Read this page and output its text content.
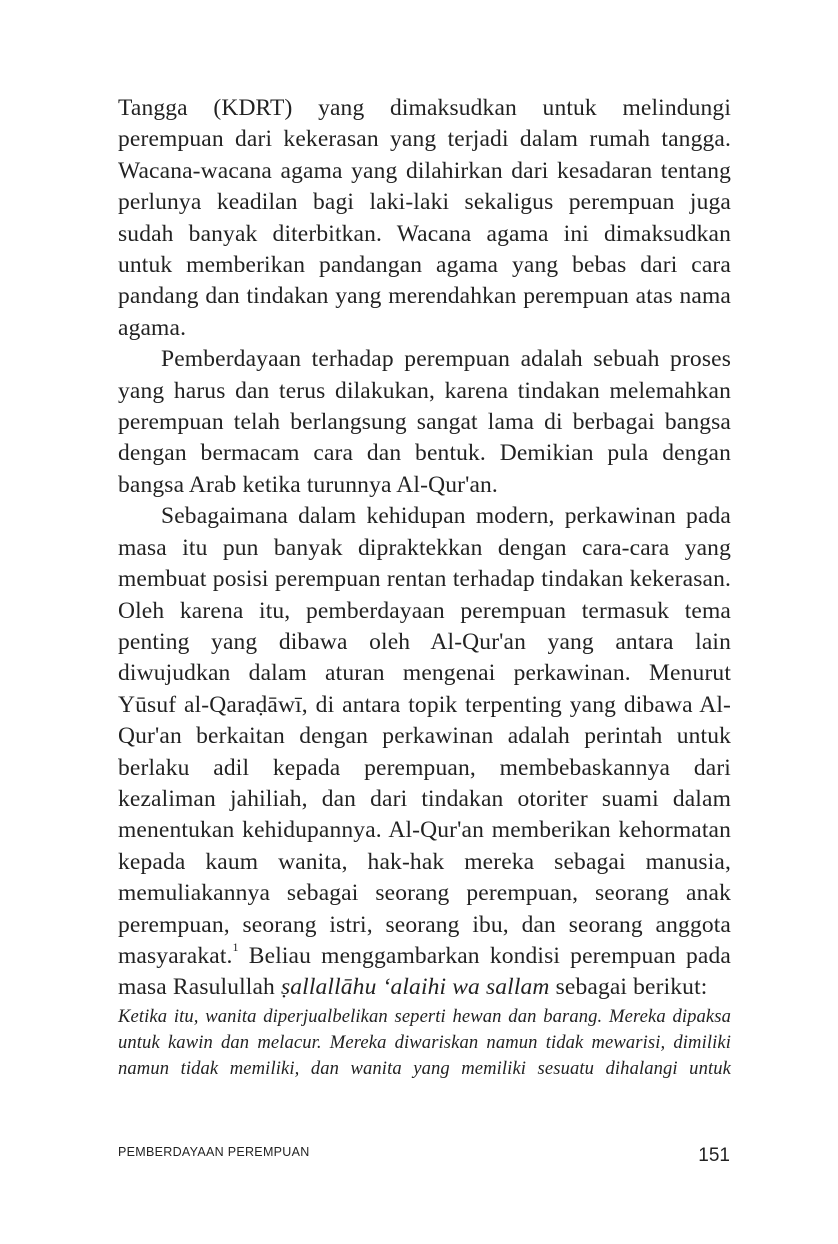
Tangga (KDRT) yang dimaksudkan untuk melindungi perempuan dari kekerasan yang terjadi dalam rumah tangga. Wacana-wacana agama yang dilahirkan dari kesadaran tentang perlunya keadilan bagi laki-laki sekaligus perempuan juga sudah banyak diterbitkan. Wacana agama ini dimaksudkan untuk memberikan pandangan agama yang bebas dari cara pandang dan tindakan yang merendahkan perempuan atas nama agama.

Pemberdayaan terhadap perempuan adalah sebuah proses yang harus dan terus dilakukan, karena tindakan melemahkan perempuan telah berlangsung sangat lama di berbagai bangsa dengan bermacam cara dan bentuk. Demikian pula dengan bangsa Arab ketika turunnya Al-Qur'an.

Sebagaimana dalam kehidupan modern, perkawinan pada masa itu pun banyak dipraktekkan dengan cara-cara yang membuat posisi perempuan rentan terhadap tindakan kekerasan. Oleh karena itu, pemberdayaan perempuan termasuk tema penting yang dibawa oleh Al-Qur'an yang antara lain diwujudkan dalam aturan mengenai perkawinan. Menurut Yūsuf al-Qaraḍāwī, di antara topik terpenting yang dibawa Al-Qur'an berkaitan dengan perkawinan adalah perintah untuk berlaku adil kepada perempuan, membebaskannya dari kezaliman jahiliah, dan dari tindakan otoriter suami dalam menentukan kehidupannya. Al-Qur'an memberikan kehormatan kepada kaum wanita, hak-hak mereka sebagai manusia, memuliakannya sebagai seorang perempuan, seorang anak perempuan, seorang istri, seorang ibu, dan seorang anggota masyarakat.$^1$ Beliau menggambarkan kondisi perempuan pada masa Rasulullah ṣallallāhu ʻalaihi wa sallam sebagai berikut:

Ketika itu, wanita diperjualbelikan seperti hewan dan barang. Mereka dipaksa untuk kawin dan melacur. Mereka diwariskan namun tidak mewarisi, dimiliki namun tidak memiliki, dan wanita yang memiliki sesuatu dihalangi untuk

PEMBERDAYAAN PEREMPUAN	151
